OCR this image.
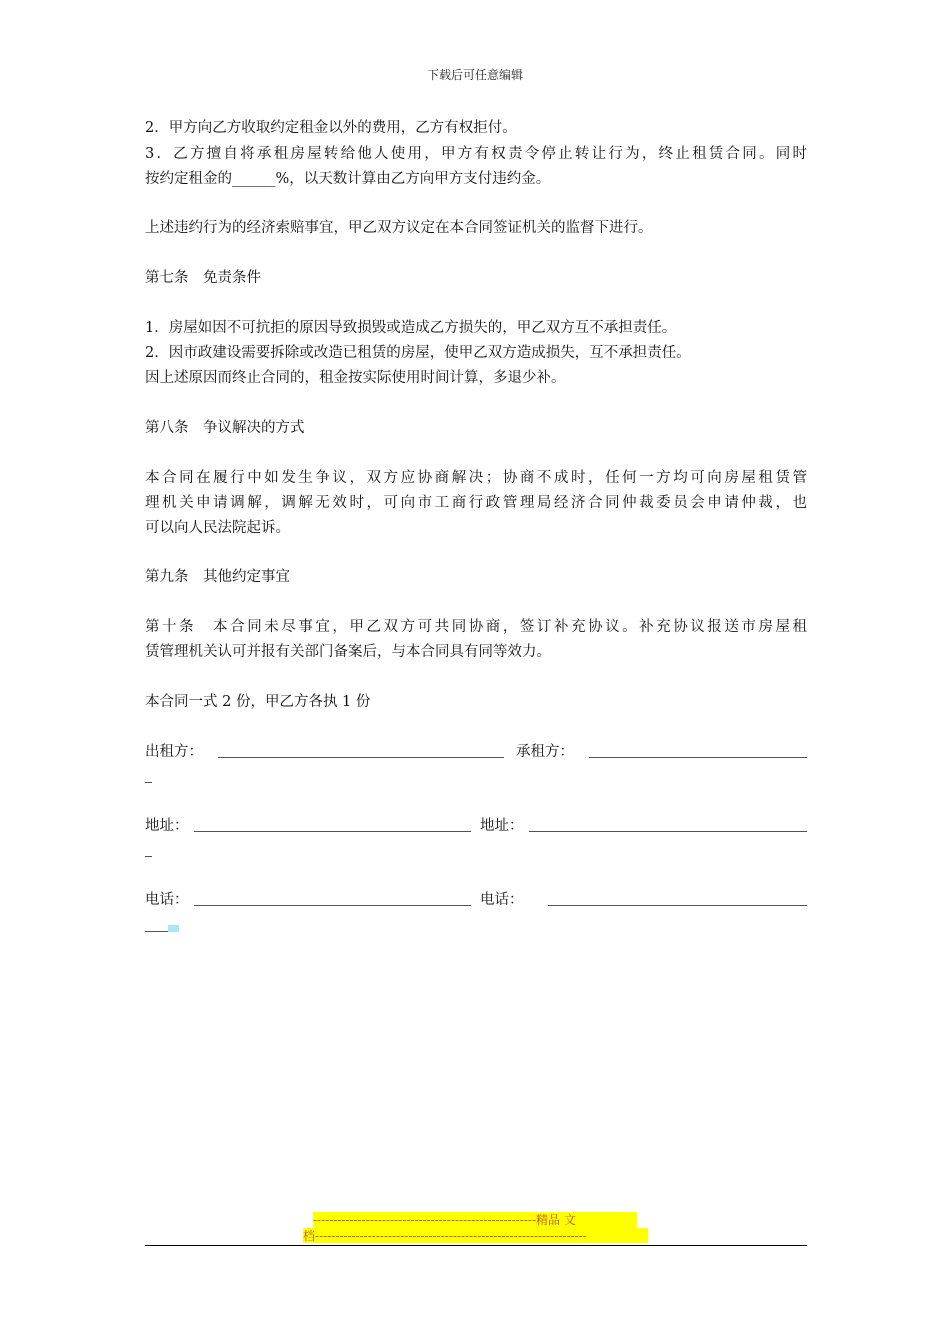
下载后可任意编辑
2．甲方向乙方收取约定租金以外的费用，乙方有权拒付。
3．乙方擅自将承租房屋转给他人使用，甲方有权责令停止转让行为，终止租赁合同。同时
按约定租金的______%，以天数计算由乙方向甲方支付违约金。
上述违约行为的经济索赔事宜，甲乙双方议定在本合同签证机关的监督下进行。
第七条　免责条件
1．房屋如因不可抗拒的原因导致损毁或造成乙方损失的，甲乙双方互不承担责任。
2．因市政建设需要拆除或改造已租赁的房屋，使甲乙双方造成损失，互不承担责任。
因上述原因而终止合同的，租金按实际使用时间计算，多退少补。
第八条　争议解决的方式
本合同在履行中如发生争议，双方应协商解决；协商不成时，任何一方均可向房屋租赁管
理机关申请调解，调解无效时，可向市工商行政管理局经济合同仲裁委员会申请仲裁，也
可以向人民法院起诉。
第九条　其他约定事宜
第十条　本合同未尽事宜，甲乙双方可共同协商，签订补充协议。补充协议报送市房屋租
赁管理机关认可并报有关部门备案后，与本合同具有同等效力。
本合同一式 2 份，甲乙方各执 1 份
出租方：	承租方：
地址：	地址：
电话：	电话：
-------------------------------------------------------精品 文
档-------------------------------------------------------------------
